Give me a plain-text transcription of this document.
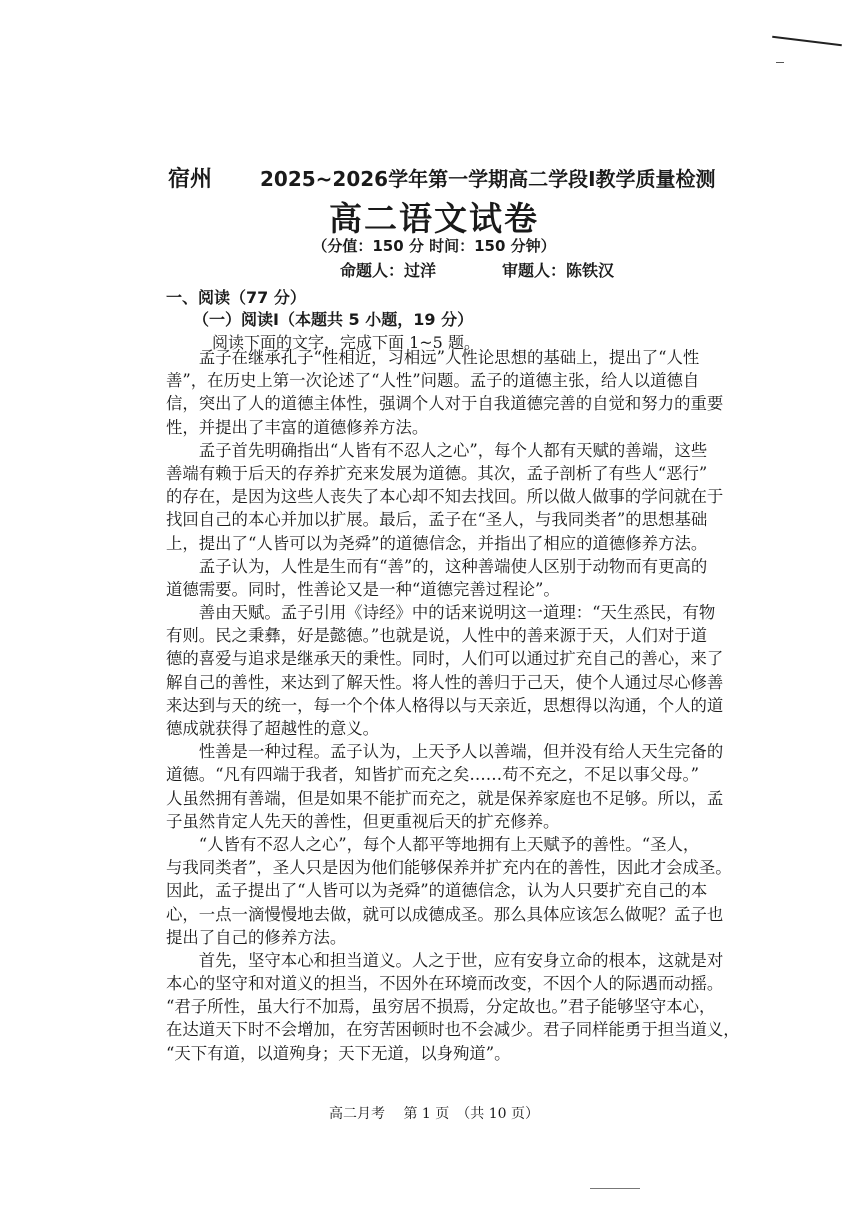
宿州 2025~2026学年第一学期高二学段Ⅰ教学质量检测
高二语文试卷
（分值：150 分 时间：150 分钟）
命题人：过洋	审题人：陈铁汉
一、阅读（77 分）
（一）阅读Ⅰ（本题共 5 小题，19 分）
阅读下面的文字，完成下面 1~5 题。
　　孟子在继承孔子“性相近，习相远”人性论思想的基础上，提出了“人性
善”，在历史上第一次论述了“人性”问题。孟子的道德主张，给人以道德自
信，突出了人的道德主体性，强调个人对于自我道德完善的自觉和努力的重要
性，并提出了丰富的道德修养方法。
　　孟子首先明确指出“人皆有不忍人之心”，每个人都有天赋的善端，这些
善端有赖于后天的存养扩充来发展为道德。其次，孟子剖析了有些人“恶行”
的存在，是因为这些人丧失了本心却不知去找回。所以做人做事的学问就在于
找回自己的本心并加以扩展。最后，孟子在“圣人，与我同类者”的思想基础
上，提出了“人皆可以为尧舜”的道德信念，并指出了相应的道德修养方法。
　　孟子认为，人性是生而有“善”的，这种善端使人区别于动物而有更高的
道德需要。同时，性善论又是一种“道德完善过程论”。
　　善由天赋。孟子引用《诗经》中的话来说明这一道理：“天生烝民，有物
有则。民之秉彝，好是懿德。”也就是说，人性中的善来源于天，人们对于道
德的喜爱与追求是继承天的秉性。同时，人们可以通过扩充自己的善心，来了
解自己的善性，来达到了解天性。将人性的善归于己天，使个人通过尽心修善
来达到与天的统一，每一个个体人格得以与天亲近，思想得以沟通，个人的道
德成就获得了超越性的意义。
　　性善是一种过程。孟子认为，上天予人以善端，但并没有给人天生完备的
道德。“凡有四端于我者，知皆扩而充之矣……苟不充之，不足以事父母。”
人虽然拥有善端，但是如果不能扩而充之，就是保养家庭也不足够。所以，孟
子虽然肯定人先天的善性，但更重视后天的扩充修养。
　　“人皆有不忍人之心”，每个人都平等地拥有上天赋予的善性。“圣人，
与我同类者”，圣人只是因为他们能够保养并扩充内在的善性，因此才会成圣。
因此，孟子提出了“人皆可以为尧舜”的道德信念，认为人只要扩充自己的本
心，一点一滴慢慢地去做，就可以成德成圣。那么具体应该怎么做呢？孟子也
提出了自己的修养方法。
　　首先，坚守本心和担当道义。人之于世，应有安身立命的根本，这就是对
本心的坚守和对道义的担当，不因外在环境而改变，不因个人的际遇而动摇。
“君子所性，虽大行不加焉，虽穷居不损焉，分定故也。”君子能够坚守本心，
在达道天下时不会增加，在穷苦困顿时也不会减少。君子同样能勇于担当道义，
“天下有道，以道殉身；天下无道，以身殉道”。
高二月考　 第 1 页　（共 10 页）
